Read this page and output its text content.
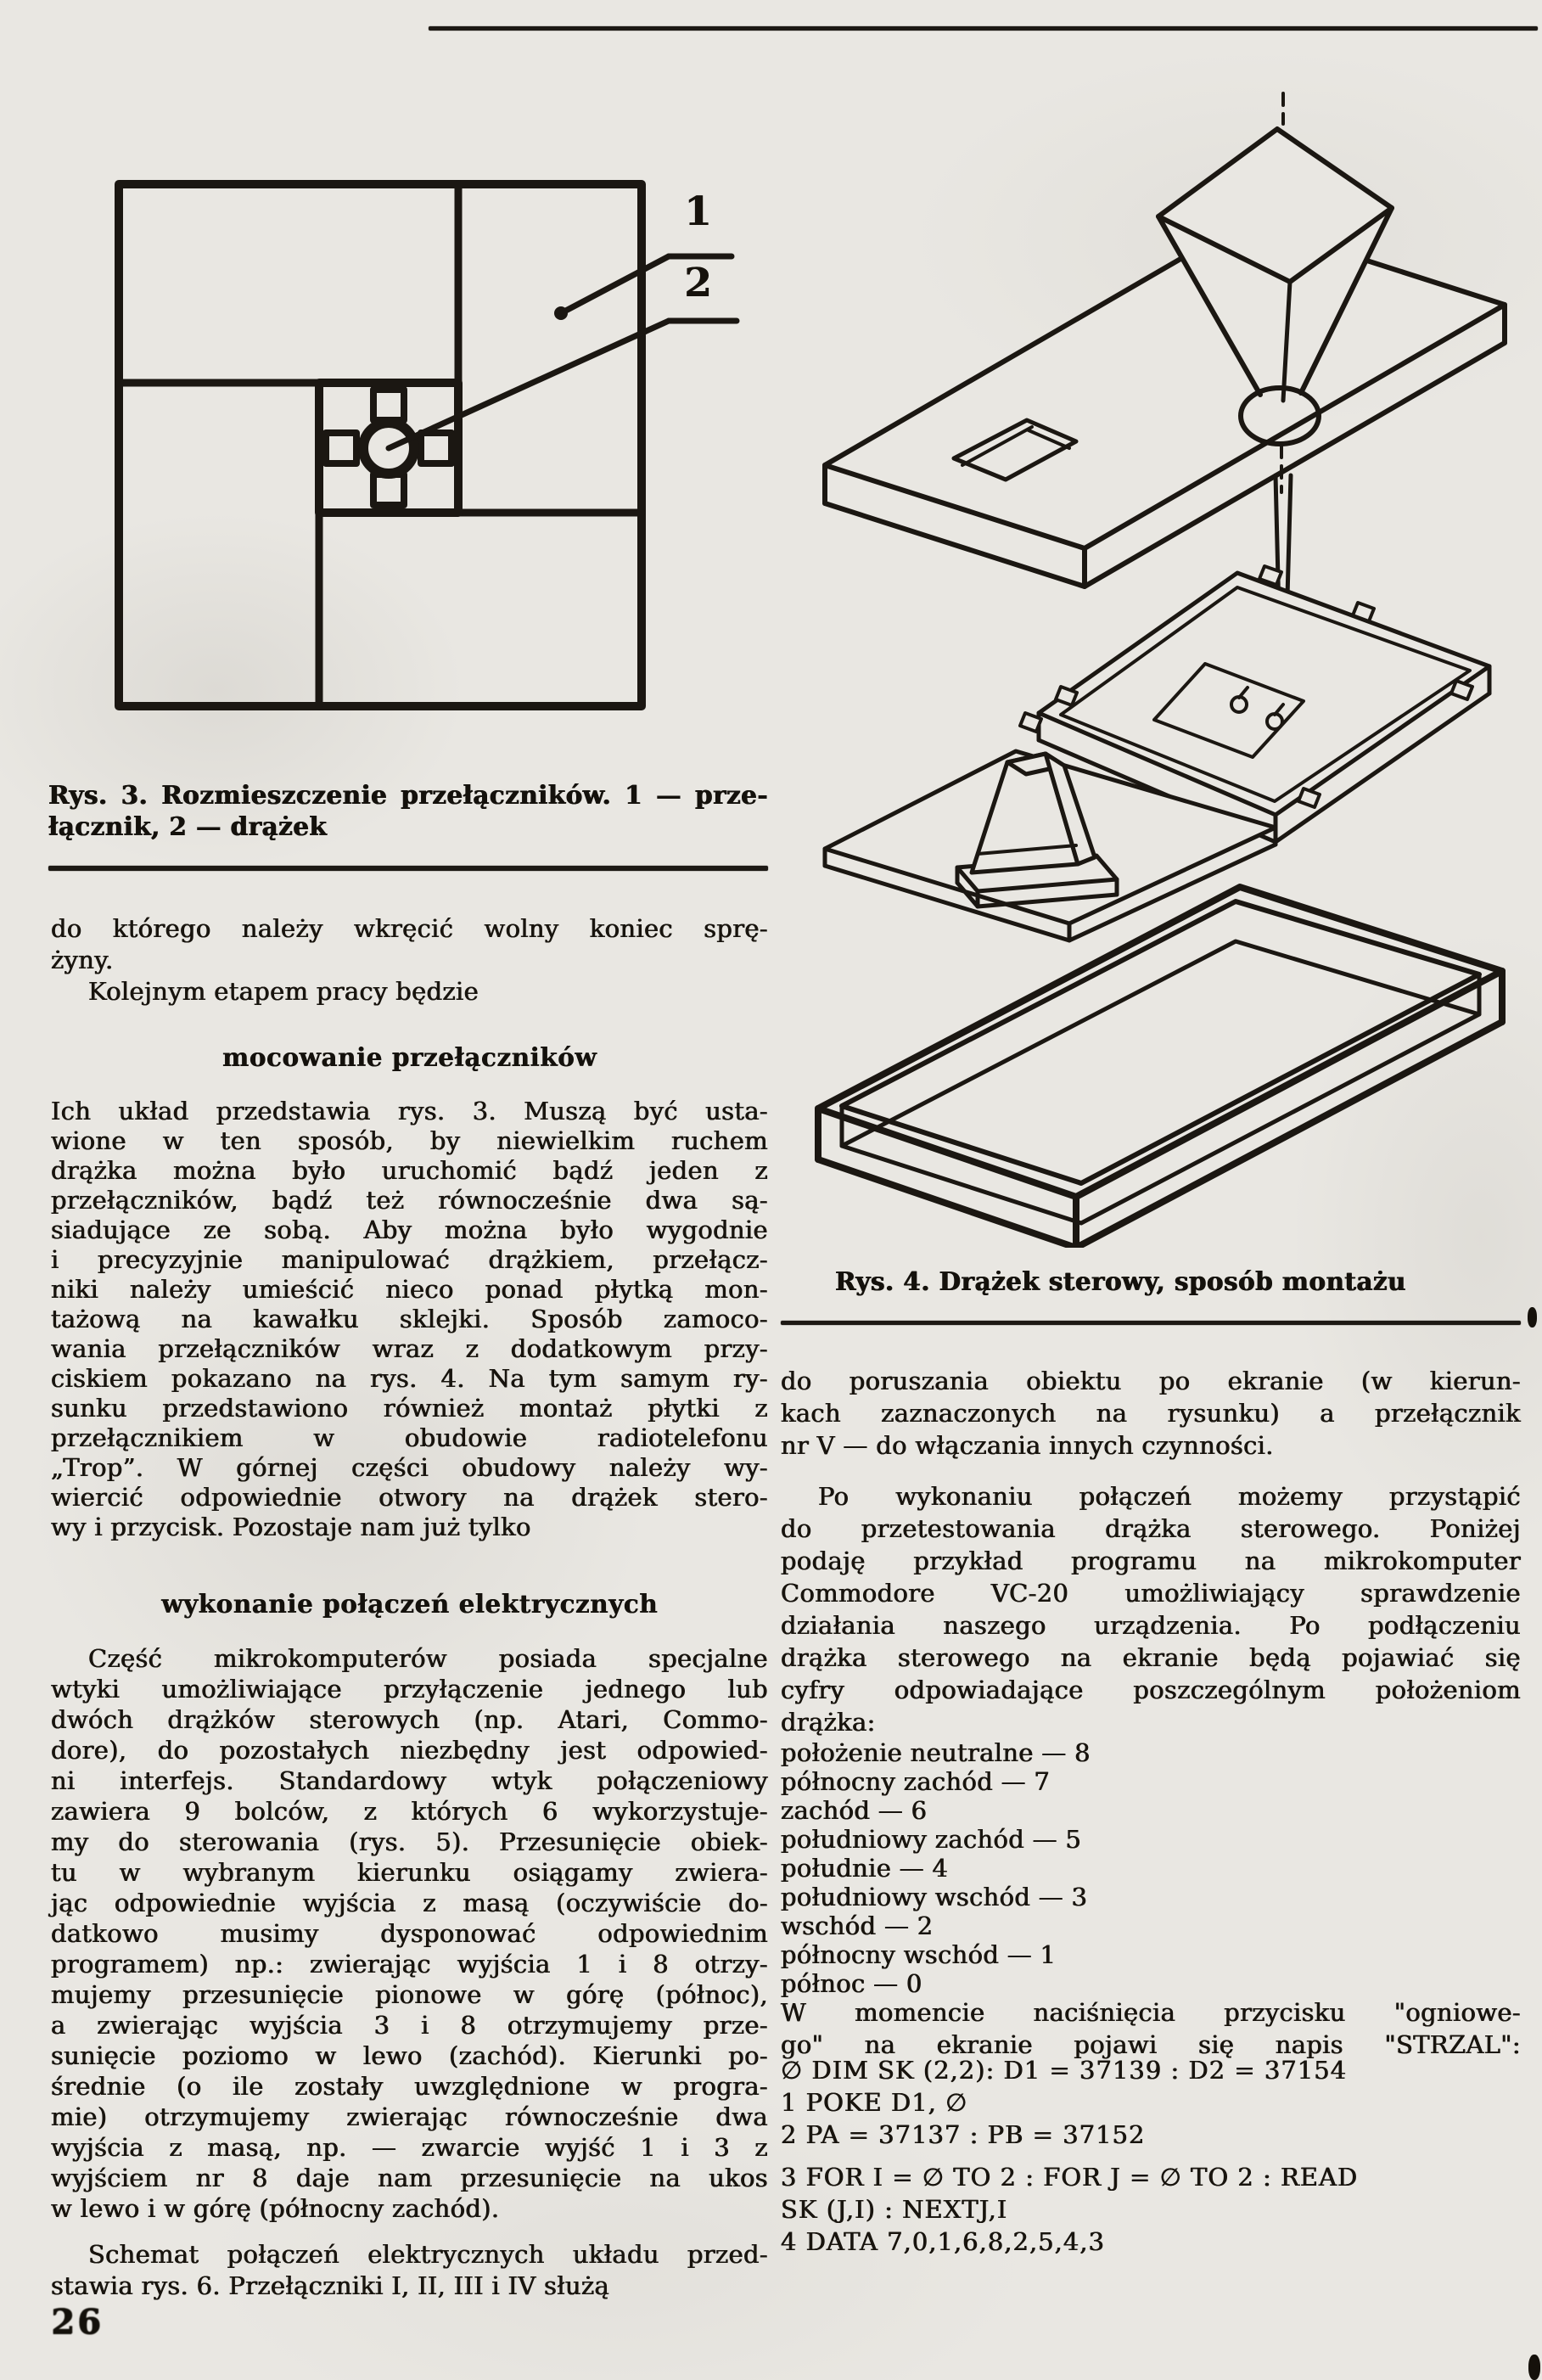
1
2
Rys. 3. Rozmieszczenie przełączników. 1 — prze-
łącznik, 2 — drążek
do którego należy wkręcić wolny koniec sprę-
żyny.
Kolejnym etapem pracy będzie
mocowanie przełączników
Ich układ przedstawia rys. 3. Muszą być usta-
wione w ten sposób, by niewielkim ruchem
drążka można było uruchomić bądź jeden z
przełączników, bądź też równocześnie dwa są-
siadujące ze sobą. Aby można było wygodnie
i precyzyjnie manipulować drążkiem, przełącz-
niki należy umieścić nieco ponad płytką mon-
tażową na kawałku sklejki. Sposób zamoco-
wania przełączników wraz z dodatkowym przy-
ciskiem pokazano na rys. 4. Na tym samym ry-
sunku przedstawiono również montaż płytki z
przełącznikiem w obudowie radiotelefonu
„Trop”. W górnej części obudowy należy wy-
wiercić odpowiednie otwory na drążek stero-
wy i przycisk. Pozostaje nam już tylko
wykonanie połączeń elektrycznych
Część mikrokomputerów posiada specjalne
wtyki umożliwiające przyłączenie jednego lub
dwóch drążków sterowych (np. Atari, Commo-
dore), do pozostałych niezbędny jest odpowied-
ni interfejs. Standardowy wtyk połączeniowy
zawiera 9 bolców, z których 6 wykorzystuje-
my do sterowania (rys. 5). Przesunięcie obiek-
tu w wybranym kierunku osiągamy zwiera-
jąc odpowiednie wyjścia z masą (oczywiście do-
datkowo musimy dysponować odpowiednim
programem) np.: zwierając wyjścia 1 i 8 otrzy-
mujemy przesunięcie pionowe w górę (północ),
a zwierając wyjścia 3 i 8 otrzymujemy prze-
sunięcie poziomo w lewo (zachód). Kierunki po-
średnie (o ile zostały uwzględnione w progra-
mie) otrzymujemy zwierając równocześnie dwa
wyjścia z masą, np. — zwarcie wyjść 1 i 3 z
wyjściem nr 8 daje nam przesunięcie na ukos
w lewo i w górę (północny zachód).
Schemat połączeń elektrycznych układu przed-
stawia rys. 6. Przełączniki I, II, III i IV służą
26
Rys. 4. Drążek sterowy, sposób montażu
do poruszania obiektu po ekranie (w kierun-
kach zaznaczonych na rysunku) a przełącznik
nr V — do włączania innych czynności.
Po wykonaniu połączeń możemy przystąpić
do przetestowania drążka sterowego. Poniżej
podaję przykład programu na mikrokomputer
Commodore VC-20 umożliwiający sprawdzenie
działania naszego urządzenia. Po podłączeniu
drążka sterowego na ekranie będą pojawiać się
cyfry odpowiadające poszczególnym położeniom
drążka:
położenie neutralne — 8
północny zachód — 7
zachód — 6
południowy zachód — 5
południe — 4
południowy wschód — 3
wschód — 2
północny wschód — 1
północ — 0
W momencie naciśnięcia przycisku "ogniowe-
go" na ekranie pojawi się napis "STRZAL":
∅ DIM SK (2,2): D1 = 37139 : D2 = 37154
1 POKE D1, ∅
2 PA = 37137 : PB = 37152
3 FOR I = ∅ TO 2 : FOR J = ∅ TO 2 : READ
SK (J,I) : NEXTJ,I
4 DATA 7,0,1,6,8,2,5,4,3
